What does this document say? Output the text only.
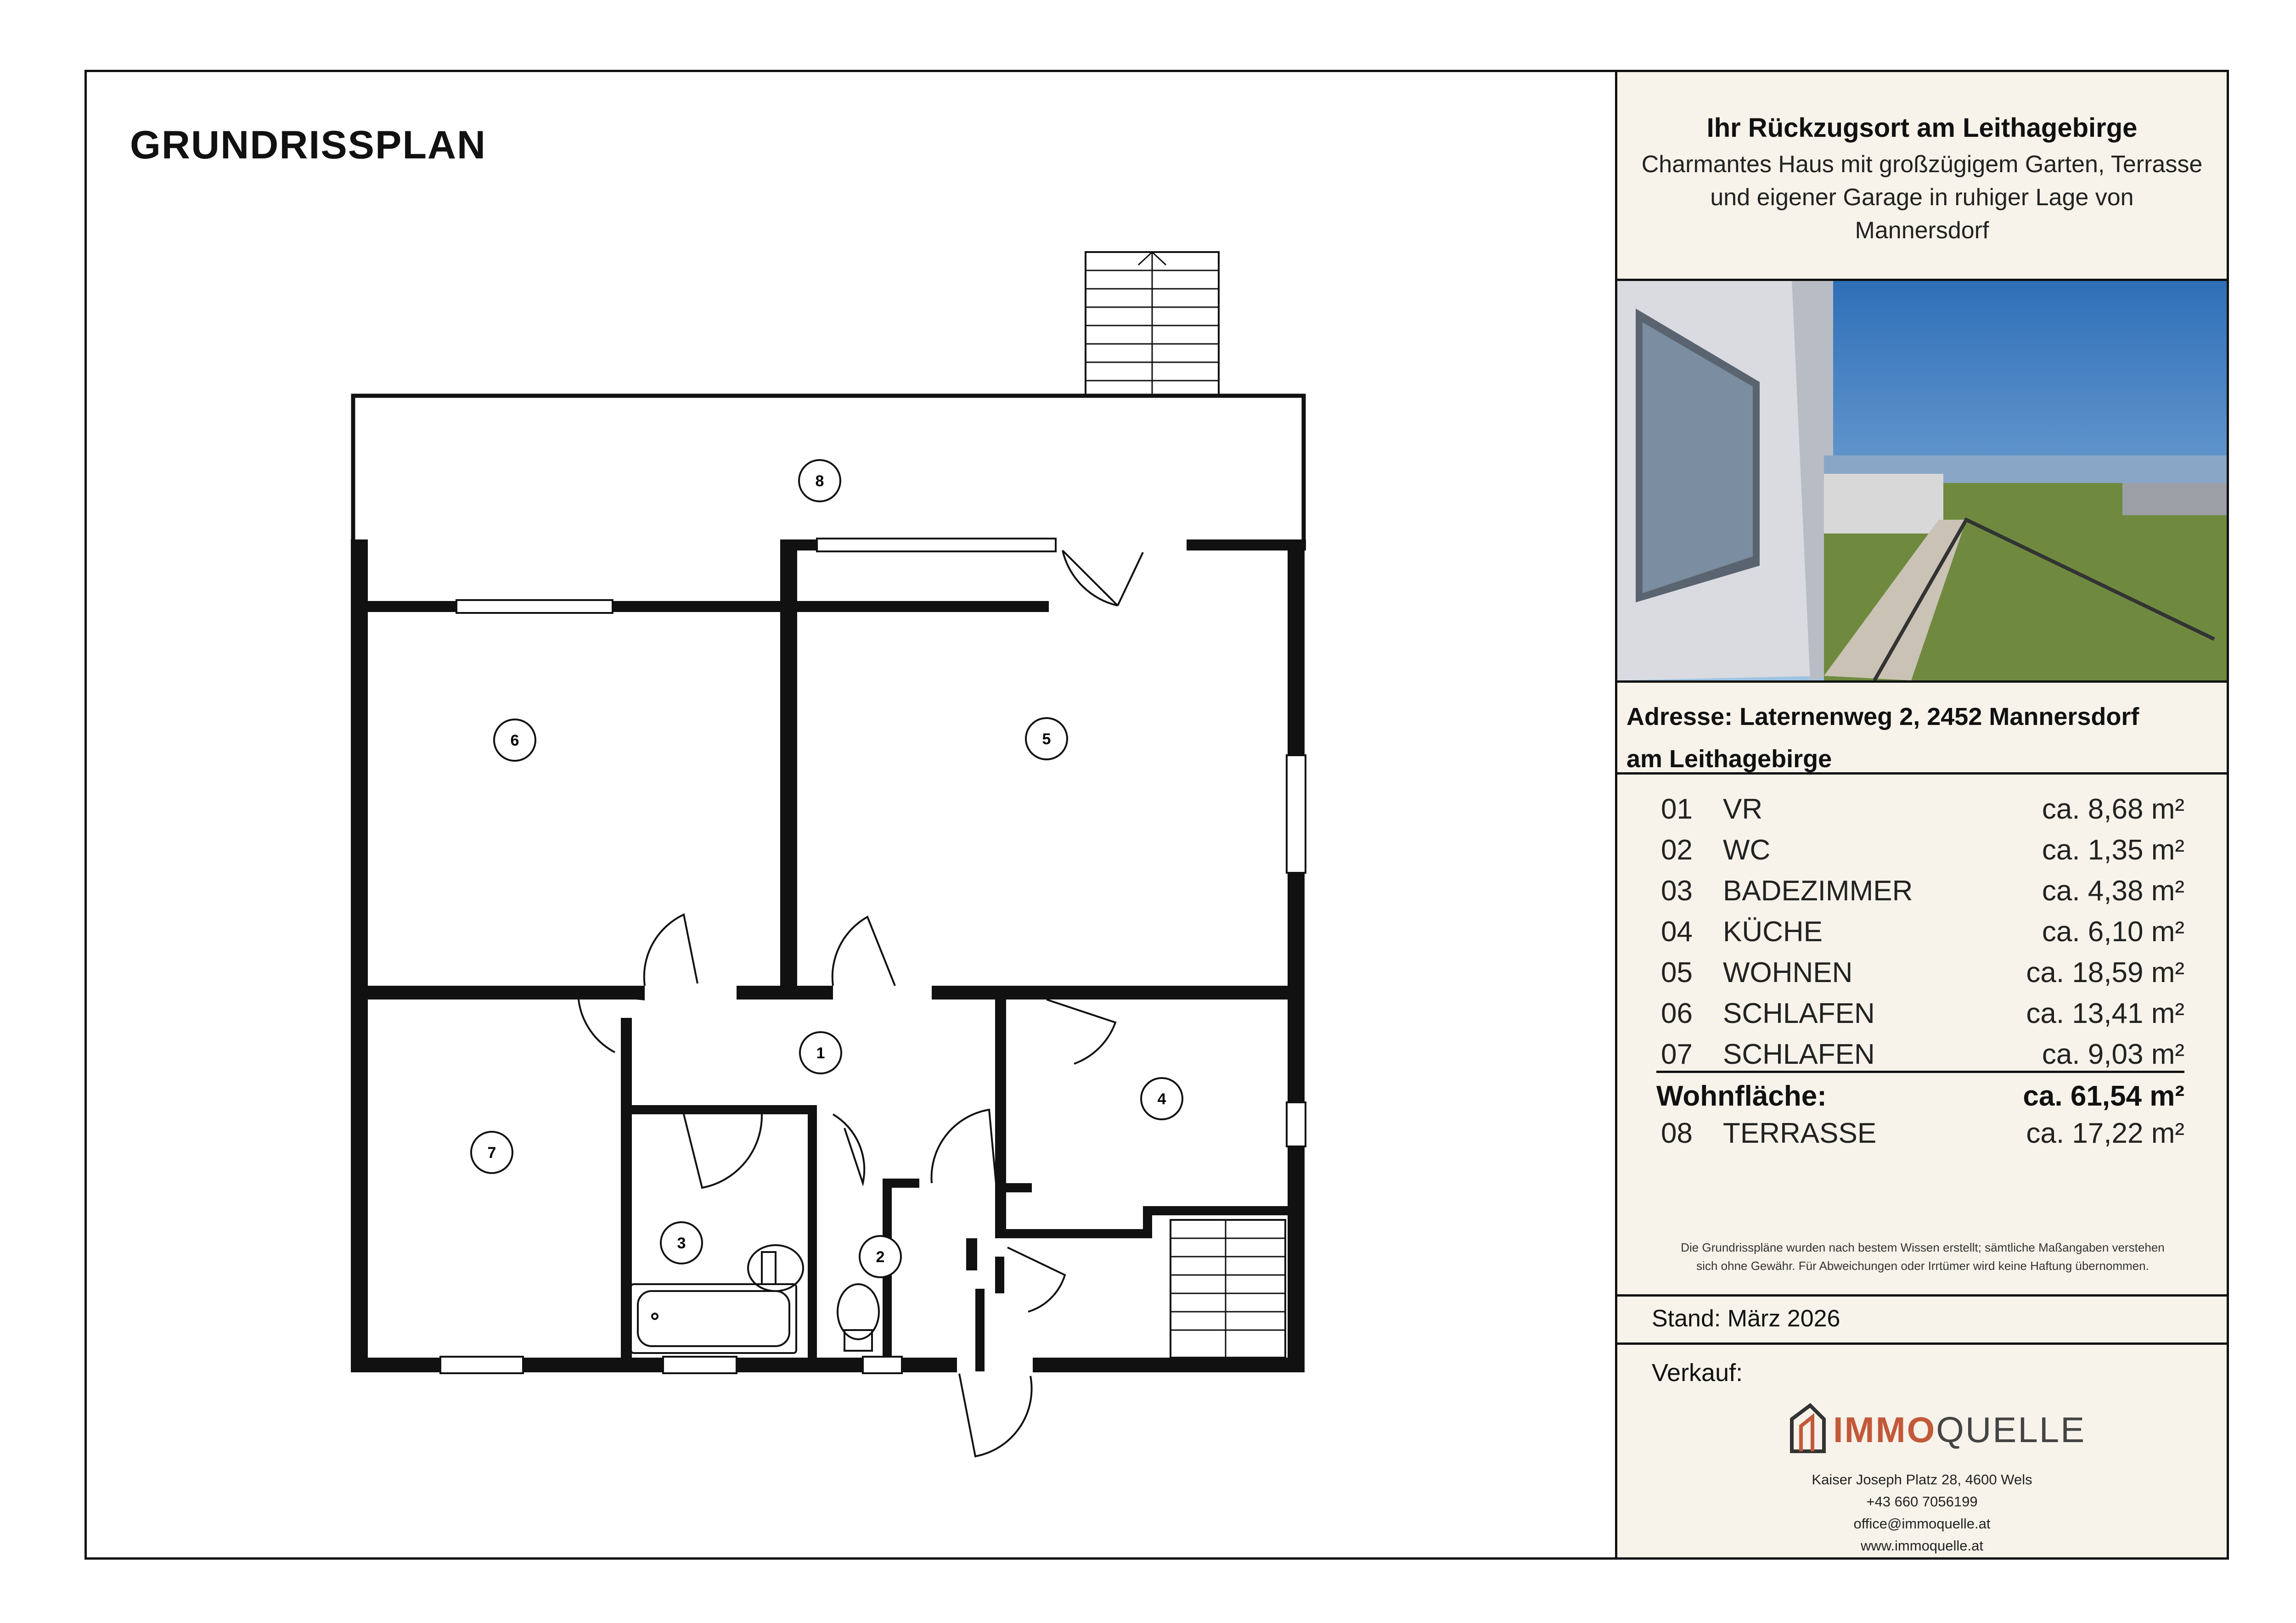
GRUNDRISSPLAN
1
2
3
4
5
6
7
8
Ihr Rückzugsort am Leithagebirge
Charmantes Haus mit großzügigem Garten, Terrasse und eigener Garage in ruhiger Lage von Mannersdorf
Adresse: Laternenweg 2, 2452 Mannersdorf
am Leithagebirge
01 VR	ca. 8,68 m²
02 WC	ca. 1,35 m²
03 BADEZIMMER	ca. 4,38 m²
04 KÜCHE	ca. 6,10 m²
05 WOHNEN	ca. 18,59 m²
06 SCHLAFEN	ca. 13,41 m²
07 SCHLAFEN	ca. 9,03 m²
Wohnfläche:	ca. 61,54 m²
08 TERRASSE	ca. 17,22 m²
Die Grundrisspläne wurden nach bestem Wissen erstellt; sämtliche Maßangaben verstehen
sich ohne Gewähr. Für Abweichungen oder Irrtümer wird keine Haftung übernommen.
Stand: März 2026
Verkauf:
IMMOQUELLE
Kaiser Joseph Platz 28, 4600 Wels
+43 660 7056199
office@immoquelle.at
www.immoquelle.at
